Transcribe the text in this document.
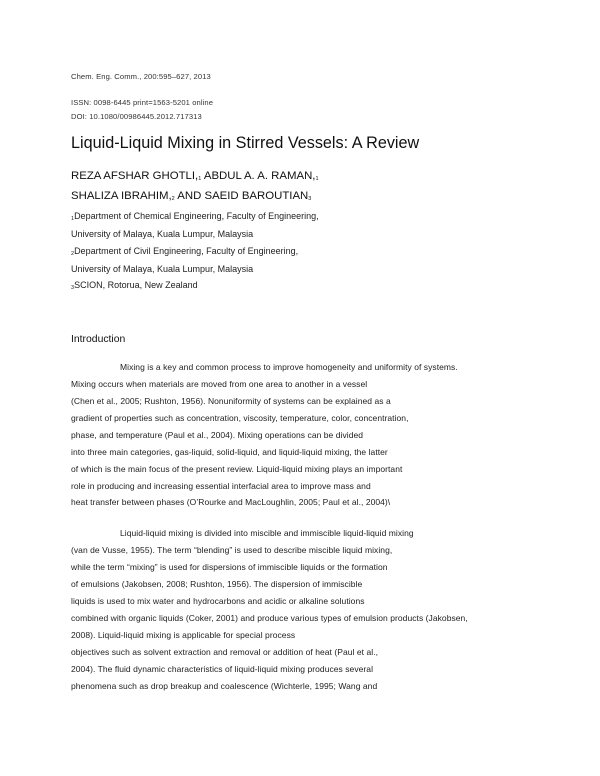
Chem. Eng. Comm., 200:595–627, 2013
ISSN: 0098-6445 print=1563-5201 online
DOI: 10.1080/00986445.2012.717313
Liquid-Liquid Mixing in Stirred Vessels: A Review
REZA AFSHAR $GHOTLI,_1$ ABDUL A. A. $RAMAN,_1$
SHALIZA $IBRAHIM,_2$ AND SAEID $BAROUTIAN_3$
$_1$Department of Chemical Engineering, Faculty of Engineering,
University of Malaya, Kuala Lumpur, Malaysia
$_2$Department of Civil Engineering, Faculty of Engineering,
University of Malaya, Kuala Lumpur, Malaysia
$_3$SCION, Rotorua, New Zealand
Introduction
Mixing is a key and common process to improve homogeneity and uniformity of systems.
Mixing occurs when materials are moved from one area to another in a vessel
(Chen et al., 2005; Rushton, 1956). Nonuniformity of systems can be explained as a
gradient of properties such as concentration, viscosity, temperature, color, concentration,
phase, and temperature (Paul et al., 2004). Mixing operations can be divided
into three main categories, gas-liquid, solid-liquid, and liquid-liquid mixing, the latter
of which is the main focus of the present review. Liquid-liquid mixing plays an important
role in producing and increasing essential interfacial area to improve mass and
heat transfer between phases (O’Rourke and MacLoughlin, 2005; Paul et al., 2004)\
Liquid-liquid mixing is divided into miscible and immiscible liquid-liquid mixing
(van de Vusse, 1955). The term “blending” is used to describe miscible liquid mixing,
while the term “mixing” is used for dispersions of immiscible liquids or the formation
of emulsions (Jakobsen, 2008; Rushton, 1956). The dispersion of immiscible
liquids is used to mix water and hydrocarbons and acidic or alkaline solutions
combined with organic liquids (Coker, 2001) and produce various types of emulsion products (Jakobsen,
2008). Liquid-liquid mixing is applicable for special process
objectives such as solvent extraction and removal or addition of heat (Paul et al.,
2004). The fluid dynamic characteristics of liquid-liquid mixing produces several
phenomena such as drop breakup and coalescence (Wichterle, 1995; Wang and
